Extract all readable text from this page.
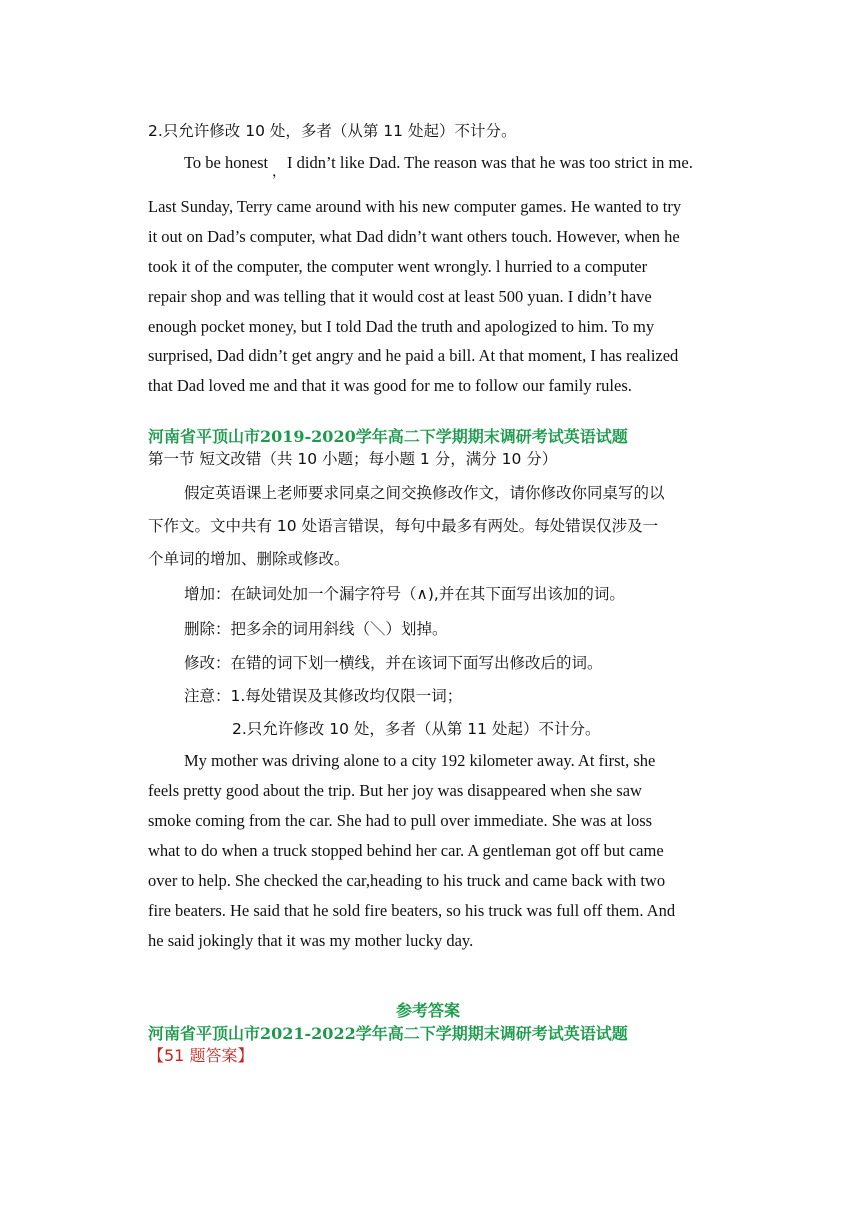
2.只允许修改 10 处，多者（从第 11 处起）不计分。
To be honest
，
I didn’t like Dad. The reason was that he was too strict in me.
Last Sunday, Terry came around with his new computer games. He wanted to try
it out on Dad’s computer, what Dad didn’t want others touch. However, when he
took it of the computer, the computer went wrongly. l hurried to a computer
repair shop and was telling that it would cost at least 500 yuan. I didn’t have
enough pocket money, but I told Dad the truth and apologized to him. To my
surprised, Dad didn’t get angry and he paid a bill. At that moment, I has realized
that Dad loved me and that it was good for me to follow our family rules.
河南省平顶山市2019-2020学年高二下学期期末调研考试英语试题
第一节 短文改错（共 10 小题；每小题 1 分，满分 10 分）
假定英语课上老师要求同桌之间交换修改作文，请你修改你同桌写的以
下作文。文中共有 10 处语言错误，每句中最多有两处。每处错误仅涉及一
个单词的增加、删除或修改。
增加：在缺词处加一个漏字符号（∧),并在其下面写出该加的词。
删除：把多余的词用斜线（＼）划掉。
修改：在错的词下划一横线，并在该词下面写出修改后的词。
注意：1.每处错误及其修改均仅限一词；
2.只允许修改 10 处，多者（从第 11 处起）不计分。
My mother was driving alone to a city 192 kilometer away. At first, she
feels pretty good about the trip. But her joy was disappeared when she saw
smoke coming from the car. She had to pull over immediate. She was at loss
what to do when a truck stopped behind her car. A gentleman got off but came
over to help. She checked the car,heading to his truck and came back with two
fire beaters. He said that he sold fire beaters, so his truck was full off them. And
he said jokingly that it was my mother lucky day.
参考答案
河南省平顶山市2021-2022学年高二下学期期末调研考试英语试题
【51 题答案】
